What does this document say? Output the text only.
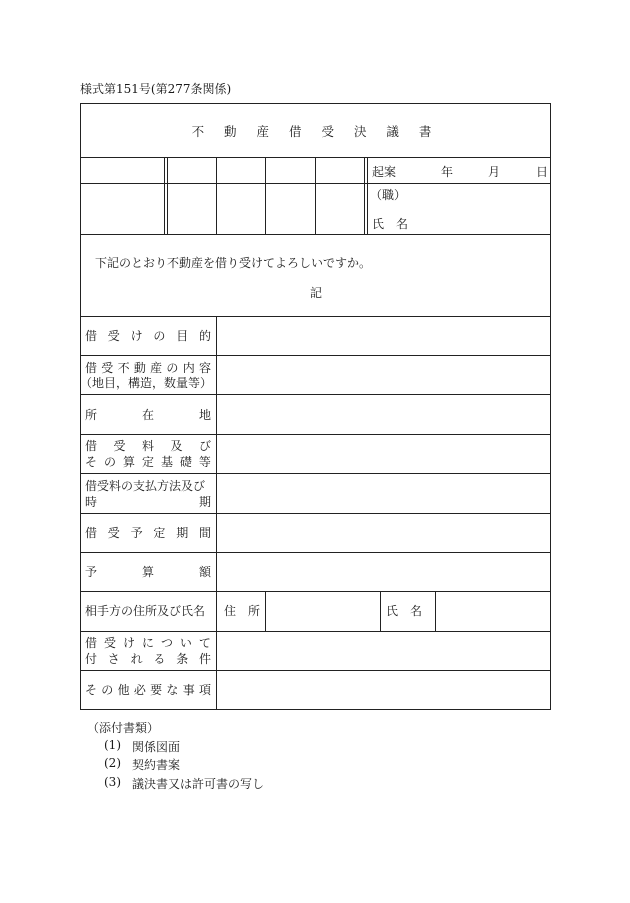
様式第151号(第277条関係)
不 動 産 借 受 決 議 書
起案	年	月	日
（職）
氏　名
下記のとおり不動産を借り受けてよろしいですか。
記
借 受 け の 目 的
借 受 不 動 産 の 内 容
（地目，構造，数量等）
所	在	地
借 受 料 及 び
そ の 算 定 基 礎 等
借受料の支払方法及び
時	期
借 受 予 定 期 間
予	算	額
相手方の住所及び氏名 住　所	氏　名
借 受 け に つ い て
付 さ れ る 条 件
そ の 他 必 要 な 事 項
（添付書類）
(1) 関係図面
(2) 契約書案
(3) 議決書又は許可書の写し
